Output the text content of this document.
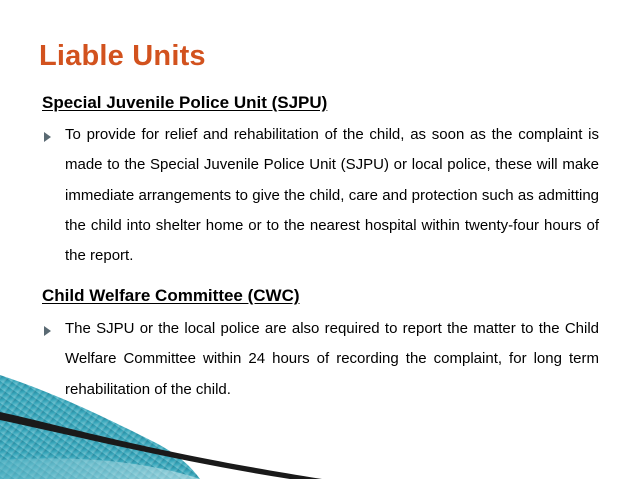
Liable Units
Special Juvenile Police Unit (SJPU)

To provide for relief and rehabilitation of the child, as soon as the complaint is made to the Special Juvenile Police Unit (SJPU) or local police, these will make immediate arrangements to give the child, care and protection such as admitting the child into shelter home or to the nearest hospital within twenty-four hours of the report.

Child Welfare Committee (CWC)

The SJPU or the local police are also required to report the matter to the Child Welfare Committee within 24 hours of recording the complaint, for long term rehabilitation of the child.
